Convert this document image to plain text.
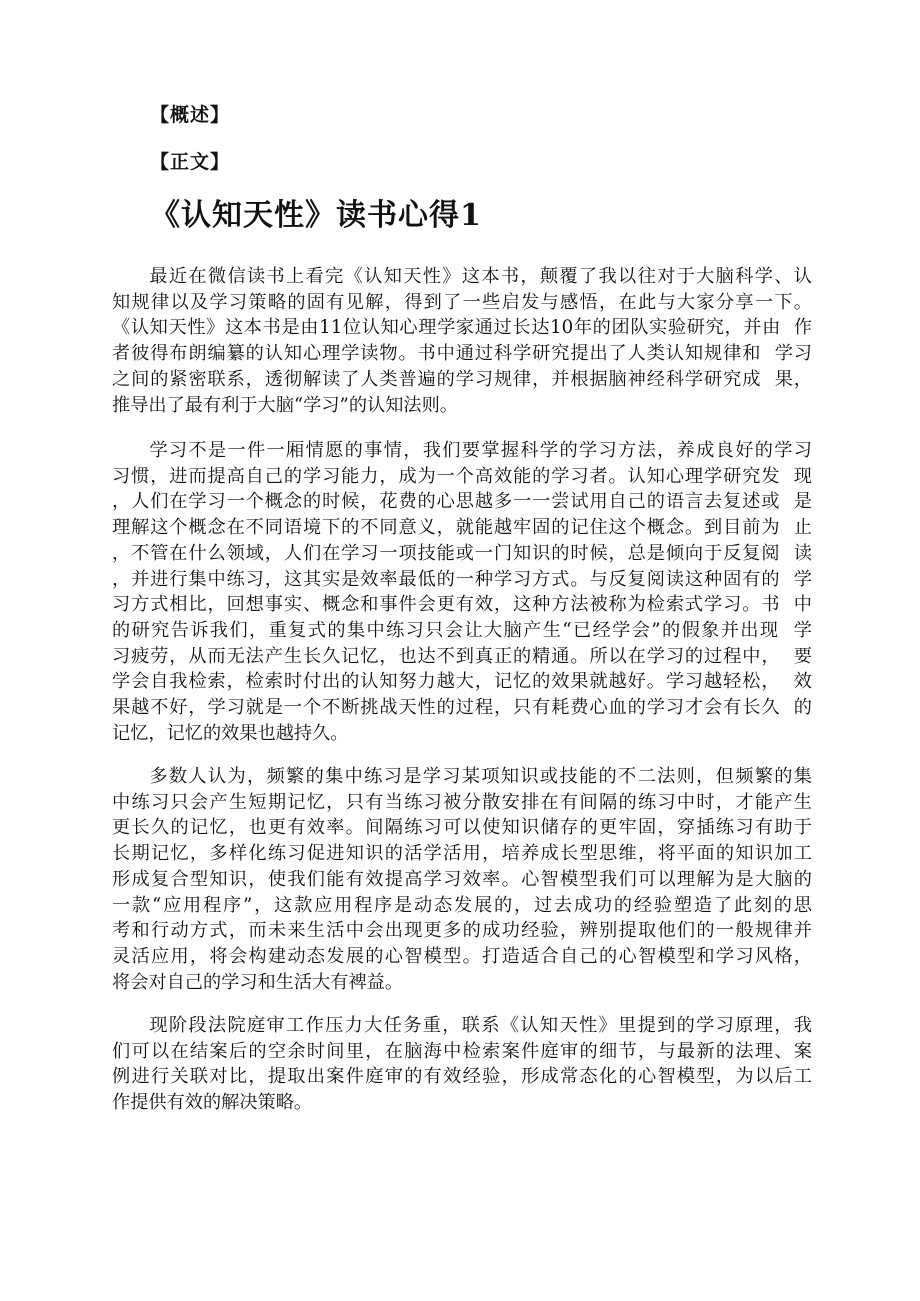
【概述】
【正文】
《认知天性》读书心得1
最近在微信读书上看完《认知天性》这本书，颠覆了我以往对于大脑科学、认
知规律以及学习策略的固有见解，得到了一些启发与感悟，在此与大家分享一下。
《认知天性》这本书是由11位认知心理学家通过长达10年的团队实验研究，并由  作
者彼得布朗编纂的认知心理学读物。书中通过科学研究提出了人类认知规律和  学习
之间的紧密联系，透彻解读了人类普遍的学习规律，并根据脑神经科学研究成  果，
推导出了最有利于大脑“学习”的认知法则。
学习不是一件一厢情愿的事情，我们要掌握科学的学习方法，养成良好的学习
习惯，进而提高自己的学习能力，成为一个高效能的学习者。认知心理学研究发  现
，人们在学习一个概念的时候，花费的心思越多一一尝试用自己的语言去复述或  是
理解这个概念在不同语境下的不同意义，就能越牢固的记住这个概念。到目前为  止
，不管在什么领域，人们在学习一项技能或一门知识的时候，总是倾向于反复阅  读
，并进行集中练习，这其实是效率最低的一种学习方式。与反复阅读这种固有的  学
习方式相比，回想事实、概念和事件会更有效，这种方法被称为检索式学习。书  中
的研究告诉我们，重复式的集中练习只会让大脑产生“已经学会”的假象并出现  学
习疲劳，从而无法产生长久记忆，也达不到真正的精通。所以在学习的过程中，  要
学会自我检索，检索时付出的认知努力越大，记忆的效果就越好。学习越轻松，  效
果越不好，学习就是一个不断挑战天性的过程，只有耗费心血的学习才会有长久  的
记忆，记忆的效果也越持久。
多数人认为，频繁的集中练习是学习某项知识或技能的不二法则，但频繁的集
中练习只会产生短期记忆，只有当练习被分散安排在有间隔的练习中时，才能产生
更长久的记忆，也更有效率。间隔练习可以使知识储存的更牢固，穿插练习有助于
长期记忆，多样化练习促进知识的活学活用，培养成长型思维，将平面的知识加工
形成复合型知识，使我们能有效提高学习效率。心智模型我们可以理解为是大脑的
一款“应用程序”，这款应用程序是动态发展的，过去成功的经验塑造了此刻的思
考和行动方式，而未来生活中会出现更多的成功经验，辨别提取他们的一般规律并
灵活应用，将会构建动态发展的心智模型。打造适合自己的心智模型和学习风格，
将会对自己的学习和生活大有裨益。
现阶段法院庭审工作压力大任务重，联系《认知天性》里提到的学习原理，我
们可以在结案后的空余时间里，在脑海中检索案件庭审的细节，与最新的法理、案
例进行关联对比，提取出案件庭审的有效经验，形成常态化的心智模型，为以后工
作提供有效的解决策略。
